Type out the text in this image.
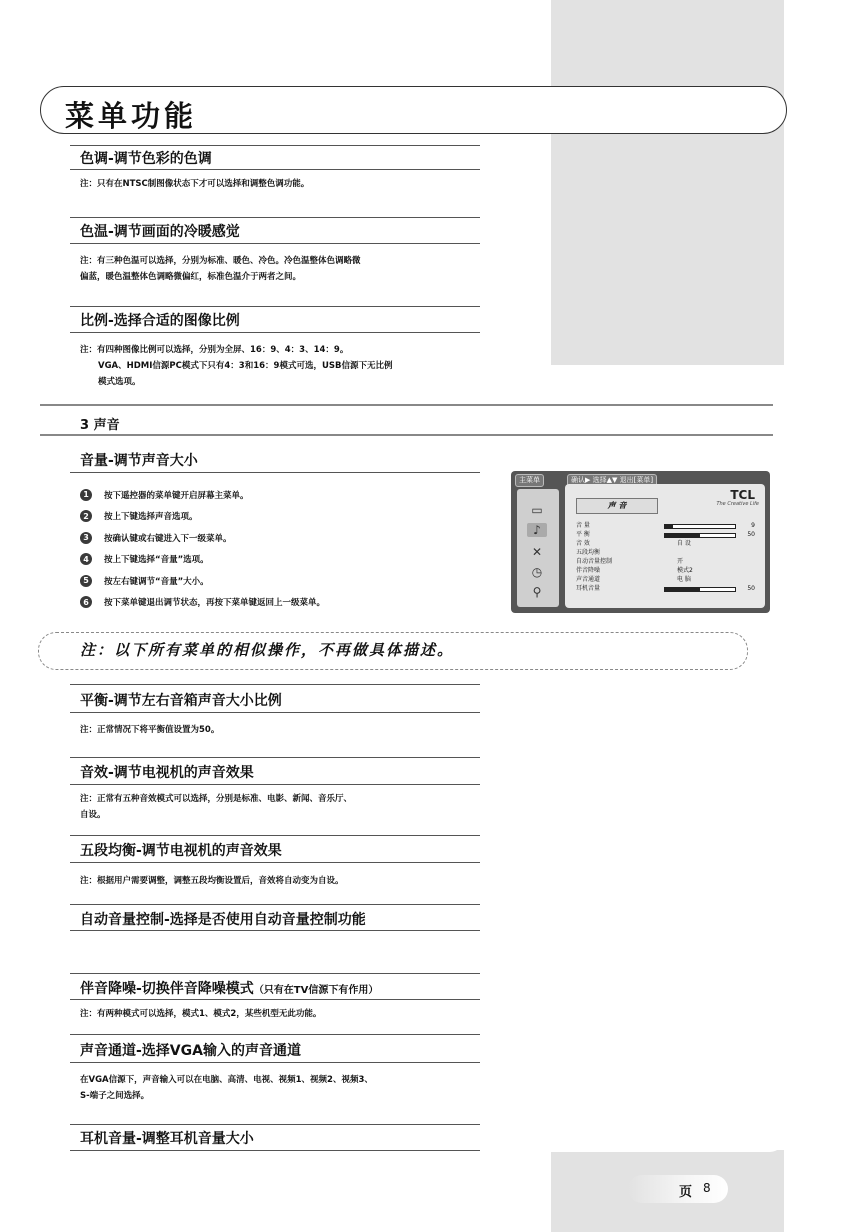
菜单功能
色调-调节色彩的色调
注：只有在NTSC制图像状态下才可以选择和调整色调功能。
色温-调节画面的冷暖感觉
注：有三种色温可以选择，分别为标准、暖色、冷色。冷色温整体色调略微
偏蓝，暖色温整体色调略微偏红，标准色温介于两者之间。
比例-选择合适的图像比例
注：有四种图像比例可以选择，分别为全屏、16：9、4：3、14：9。
VGA、HDMI信源PC模式下只有4：3和16：9模式可选，USB信源下无比例
模式选项。
3 声音
音量-调节声音大小
1	按下遥控器的菜单键开启屏幕主菜单。
2	按上下键选择声音选项。
3	按确认键或右键进入下一级菜单。
4	按上下键选择“音量”选项。
5	按左右键调节“音量”大小。
6	按下菜单键退出调节状态，再按下菜单键返回上一级菜单。
主菜单	确认▶ 选择▲▼ 退出[菜单]
▭
♪
✕
◷
⚲
TCL
The Creative Life
声 音
音 量	9
平 衡	50
音 效	自 设
五段均衡
自动音量控制	开
伴音降噪	模式2
声音通道	电 脑
耳机音量	50
注：以下所有菜单的相似操作，不再做具体描述。
平衡-调节左右音箱声音大小比例
注：正常情况下将平衡值设置为50。
音效-调节电视机的声音效果
注：正常有五种音效模式可以选择，分别是标准、电影、新闻、音乐厅、
自设。
五段均衡-调节电视机的声音效果
注：根据用户需要调整，调整五段均衡设置后，音效将自动变为自设。
自动音量控制-选择是否使用自动音量控制功能
伴音降噪-切换伴音降噪模式（只有在TV信源下有作用）
注：有两种模式可以选择，模式1、模式2，某些机型无此功能。
声音通道-选择VGA输入的声音通道
在VGA信源下，声音输入可以在电脑、高清、电视、视频1、视频2、视频3、
S-端子之间选择。
耳机音量-调整耳机音量大小
页 8
